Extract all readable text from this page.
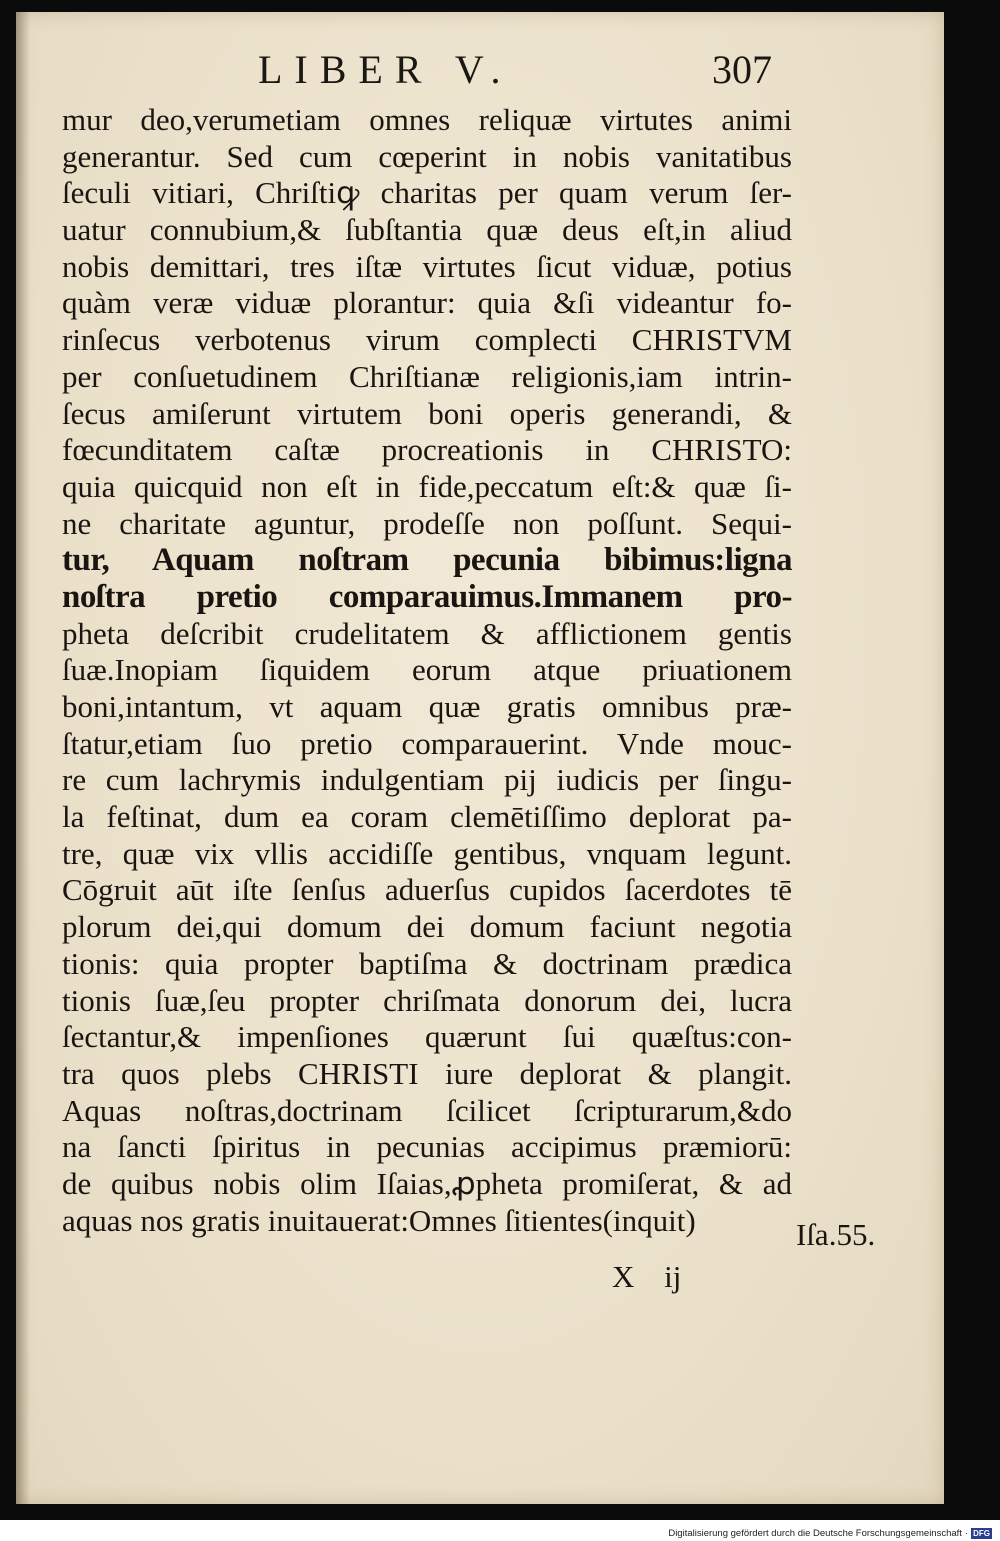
LIBER V.	307
mur deo,verumetiam omnes reliquæ virtutes animi
generantur. Sed cum cœperint in nobis vanitatibus
ſeculi vitiari, Chriſtiꝙ charitas per quam verum ſer-
uatur connubium,& ſubſtantia quæ deus eſt,in aliud
nobis demittari, tres iſtæ virtutes ſicut viduæ, potius
quàm veræ viduæ plorantur: quia &ſi videantur fo-
rinſecus verbotenus virum complecti CHRISTVM
per conſuetudinem Chriſtianæ religionis,iam intrin-
ſecus amiſerunt virtutem boni operis generandi, &
fœcunditatem caſtæ procreationis in CHRISTO:
quia quicquid non eſt in fide,peccatum eſt:& quæ ſi-
ne charitate aguntur, prodeſſe non poſſunt. Sequi-
tur, Aquam noſtram pecunia bibimus:ligna
noſtra pretio comparauimus.Immanem pro-
pheta deſcribit crudelitatem & afflictionem gentis
ſuæ.Inopiam ſiquidem eorum atque priuationem
boni,intantum, vt aquam quæ gratis omnibus præ-
ſtatur,etiam ſuo pretio comparauerint. Vnde mouc-
re cum lachrymis indulgentiam pij iudicis per ſingu-
la feſtinat, dum ea coram clemētiſſimo deplorat pa-
tre, quæ vix vllis accidiſſe gentibus, vnquam legunt.
Cōgruit aūt iſte ſenſus aduerſus cupidos ſacerdotes tē
plorum dei,qui domum dei domum faciunt negotia
tionis: quia propter baptiſma & doctrinam prædica
tionis ſuæ,ſeu propter chriſmata donorum dei, lucra
ſectantur,& impenſiones quærunt ſui quæſtus:con-
tra quos plebs CHRISTI iure deplorat & plangit.
Aquas noſtras,doctrinam ſcilicet ſcripturarum,&do
na ſancti ſpiritus in pecunias accipimus præmiorū:
de quibus nobis olim Iſaias,ꝓpheta promiſerat, & ad
aquas nos gratis inuitauerat:Omnes ſitientes(inquit)	Iſa.55.
X ij
Digitalisierung gefördert durch die Deutsche Forschungsgemeinschaft · DFG
